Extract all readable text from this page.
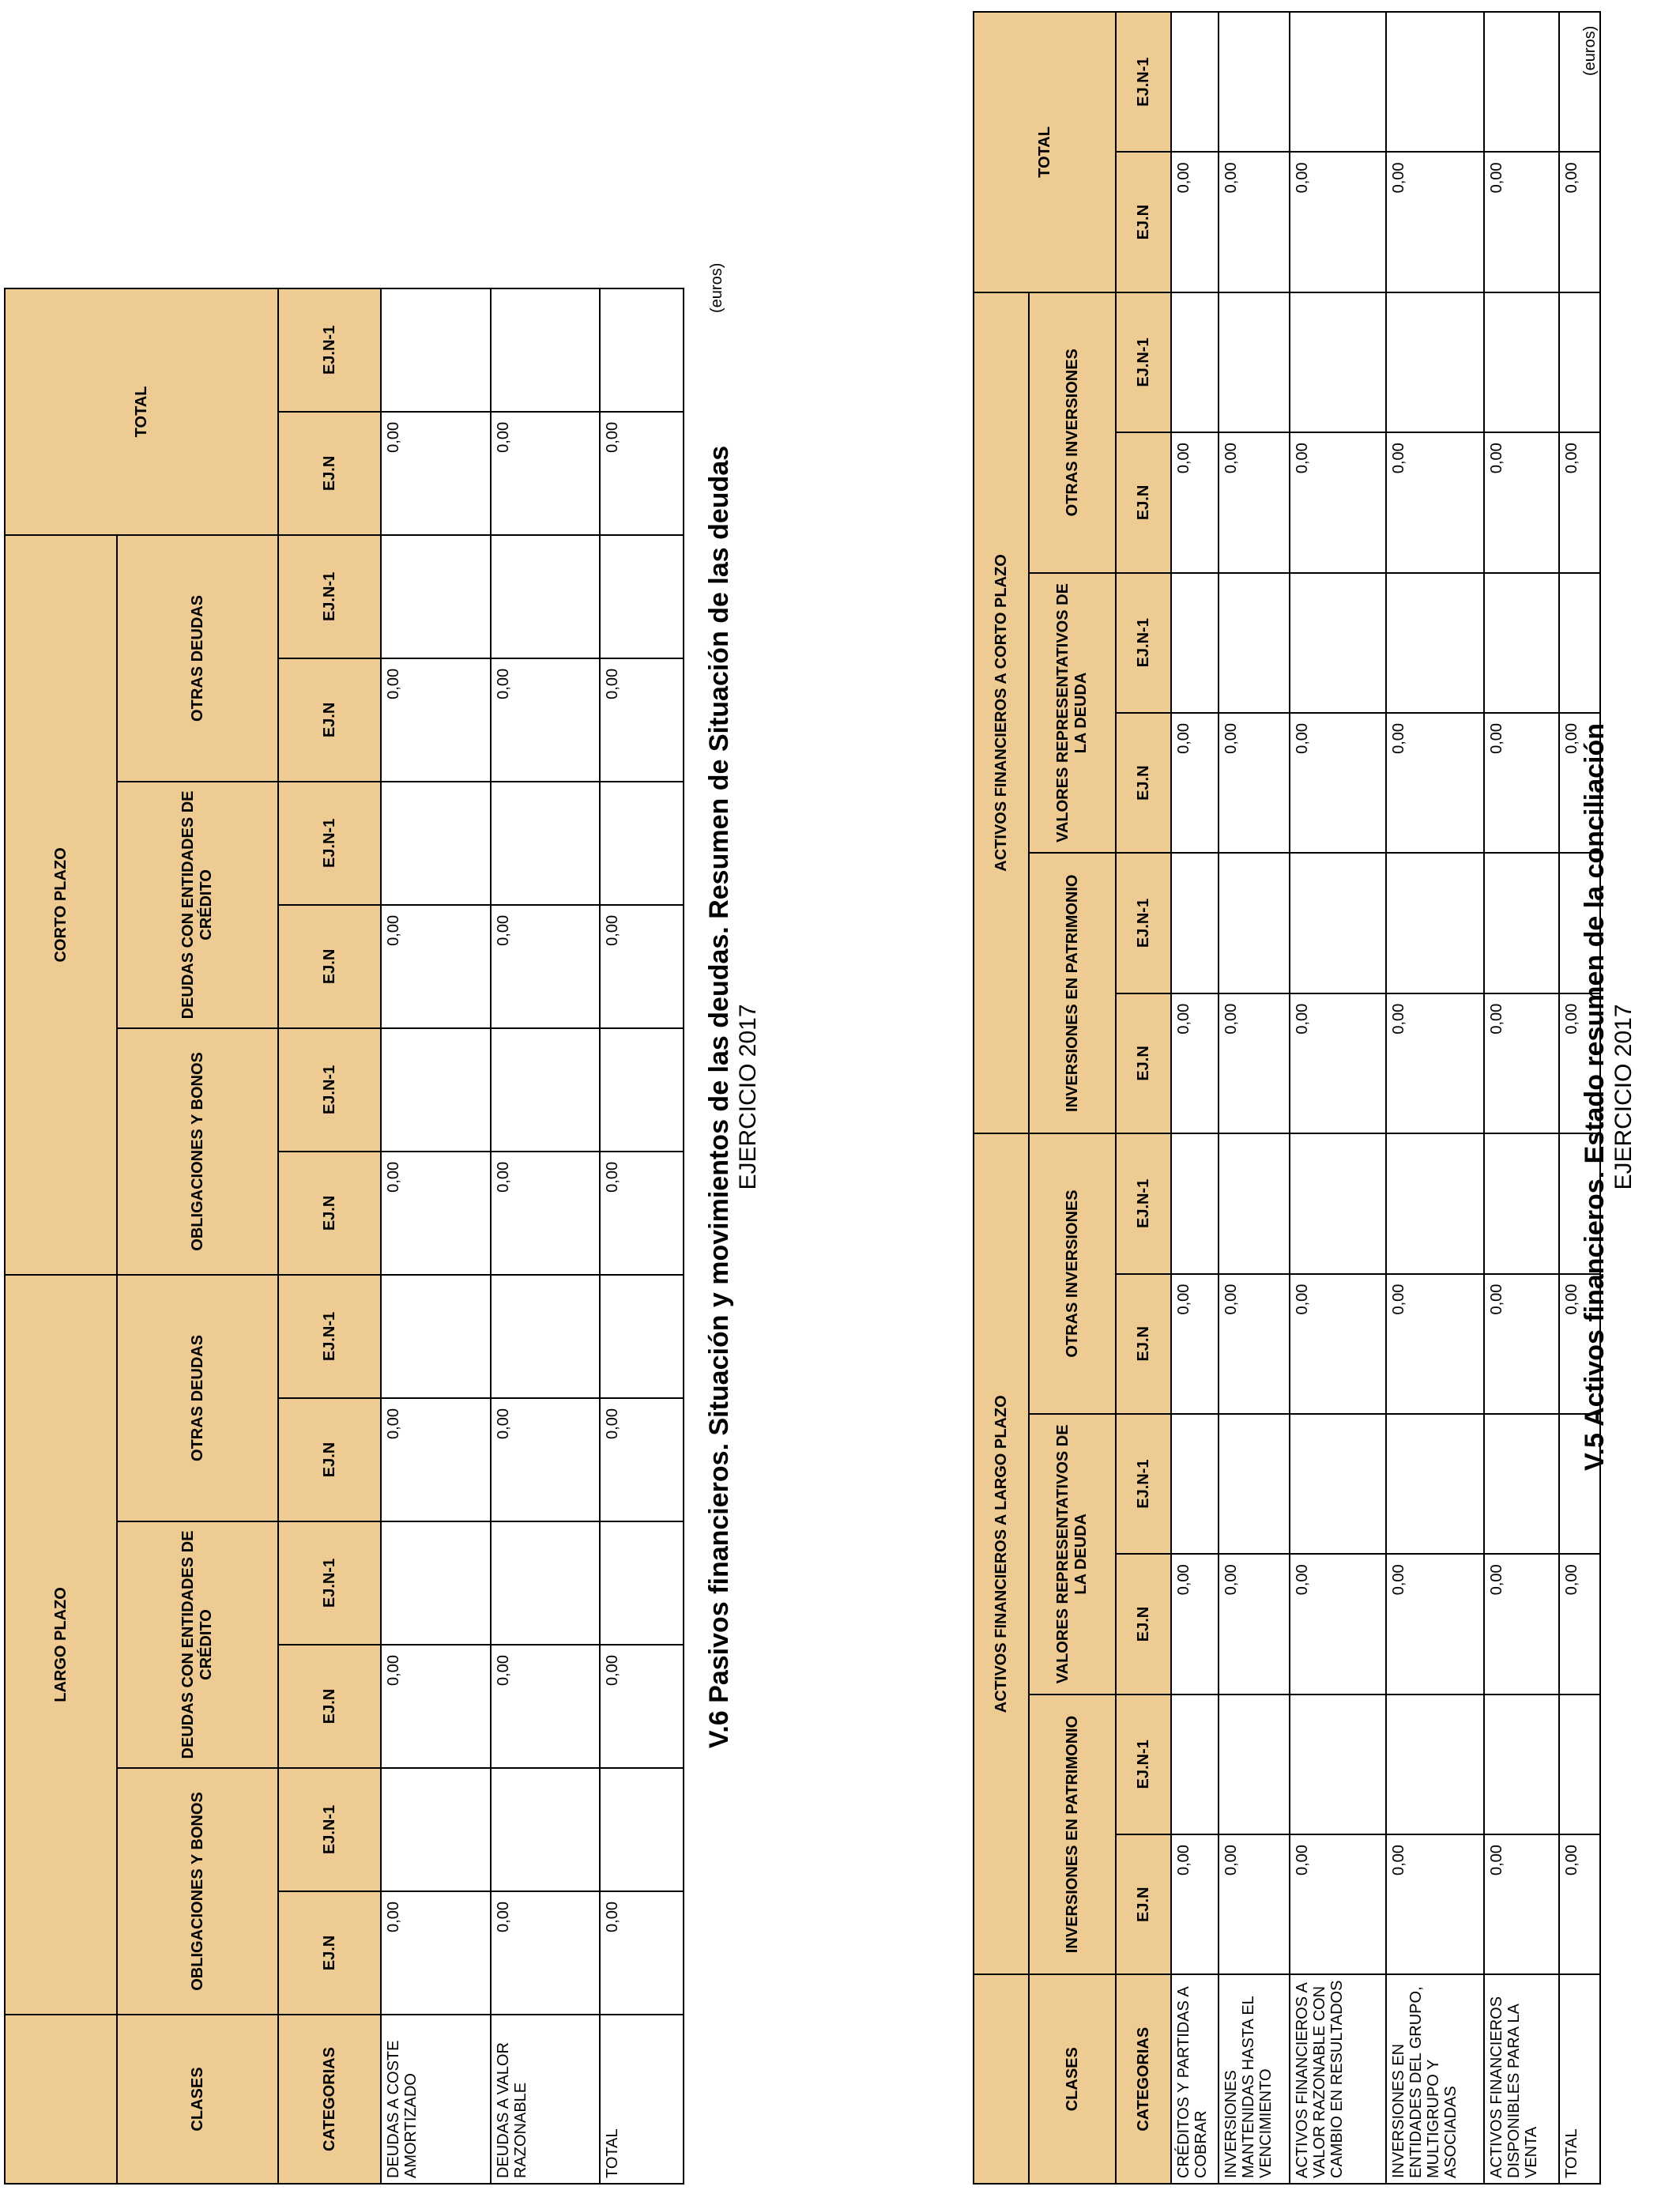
V.5 Activos financieros. Estado resumen de la conciliación EJERCICIO 2017
(euros)
	ACTIVOS FINANCIEROS A LARGO PLAZO						ACTIVOS FINANCIEROS A CORTO PLAZO						TOTAL	
CLASES	INVERSIONES EN PATRIMONIO		VALORES REPRESENTATIVOS DE LA DEUDA		OTRAS INVERSIONES		INVERSIONES EN PATRIMONIO		VALORES REPRESENTATIVOS DE LA DEUDA		OTRAS INVERSIONES			
CATEGORIAS	EJ.N	EJ.N-1	EJ.N	EJ.N-1	EJ.N	EJ.N-1	EJ.N	EJ.N-1	EJ.N	EJ.N-1	EJ.N	EJ.N-1	EJ.N	EJ.N-1
CRÉDITOS Y PARTIDAS A COBRAR	0,00		0,00		0,00		0,00		0,00		0,00		0,00	
INVERSIONES MANTENIDAS HASTA EL VENCIMIENTO	0,00		0,00		0,00		0,00		0,00		0,00		0,00	
ACTIVOS FINANCIEROS A VALOR RAZONABLE CON CAMBIO EN RESULTADOS	0,00		0,00		0,00		0,00		0,00		0,00		0,00	
INVERSIONES EN ENTIDADES DEL GRUPO, MULTIGRUPO Y ASOCIADAS	0,00		0,00		0,00		0,00		0,00		0,00		0,00	
ACTIVOS FINANCIEROS DISPONIBLES PARA LA VENTA	0,00		0,00		0,00		0,00		0,00		0,00		0,00	
TOTAL	0,00		0,00		0,00		0,00		0,00		0,00		0,00	
V.6 Pasivos financieros. Situación y movimientos de las deudas. Resumen de Situación de las deudas EJERCICIO 2017
(euros)
	LARGO PLAZO						CORTO PLAZO						TOTAL	
CLASES	OBLIGACIONES Y BONOS		DEUDAS CON ENTIDADES DE CRÉDITO		OTRAS DEUDAS		OBLIGACIONES Y BONOS		DEUDAS CON ENTIDADES DE CRÉDITO		OTRAS DEUDAS			
CATEGORIAS	EJ.N	EJ.N-1	EJ.N	EJ.N-1	EJ.N	EJ.N-1	EJ.N	EJ.N-1	EJ.N	EJ.N-1	EJ.N	EJ.N-1	EJ.N	EJ.N-1
DEUDAS A COSTE AMORTIZADO	0,00		0,00		0,00		0,00		0,00		0,00		0,00	
DEUDAS A VALOR RAZONABLE	0,00		0,00		0,00		0,00		0,00		0,00		0,00	
TOTAL	0,00		0,00		0,00		0,00		0,00		0,00		0,00	
